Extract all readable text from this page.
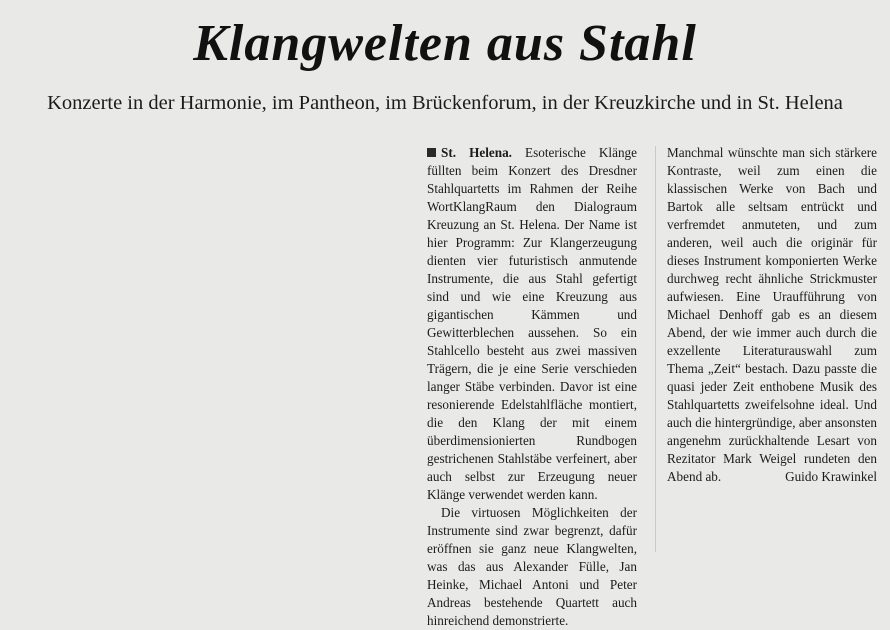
Klangwelten aus Stahl
Konzerte in der Harmonie, im Pantheon, im Brückenforum, in der Kreuzkirche und in St. Helena

St. Helena. Esoterische Klänge füllten beim Konzert des Dresdner Stahlquartetts im Rahmen der Reihe WortKlangRaum den Dialograum Kreuzung an St. Helena. Der Name ist hier Programm: Zur Klangerzeugung dienten vier futuristisch anmutende Instrumente, die aus Stahl gefertigt sind und wie eine Kreuzung aus gigantischen Kämmen und Gewitterblechen aussehen. So ein Stahlcello besteht aus zwei massiven Trägern, die je eine Serie verschieden langer Stäbe verbinden. Davor ist eine resonierende Edelstahlfläche montiert, die den Klang der mit einem überdimensionierten Rundbogen gestrichenen Stahlstäbe verfeinert, aber auch selbst zur Erzeugung neuer Klänge verwendet werden kann.

Die virtuosen Möglichkeiten der Instrumente sind zwar begrenzt, dafür eröffnen sie ganz neue Klangwelten, was das aus Alexander Fülle, Jan Heinke, Michael Antoni und Peter Andreas bestehende Quartett auch hinreichend demonstrierte.

Manchmal wünschte man sich stärkere Kontraste, weil zum einen die klassischen Werke von Bach und Bartok alle seltsam entrückt und verfremdet anmuteten, und zum anderen, weil auch die originär für dieses Instrument komponierten Werke durchweg recht ähnliche Strickmuster aufwiesen. Eine Uraufführung von Michael Denhoff gab es an diesem Abend, der wie immer auch durch die exzellente Literaturauswahl zum Thema „Zeit“ bestach. Dazu passte die quasi jeder Zeit enthobene Musik des Stahlquartetts zweifelsohne ideal. Und auch die hintergründige, aber ansonsten angenehm zurückhaltende Lesart von Rezitator Mark Weigel rundeten den Abend ab.	Guido Krawinkel
